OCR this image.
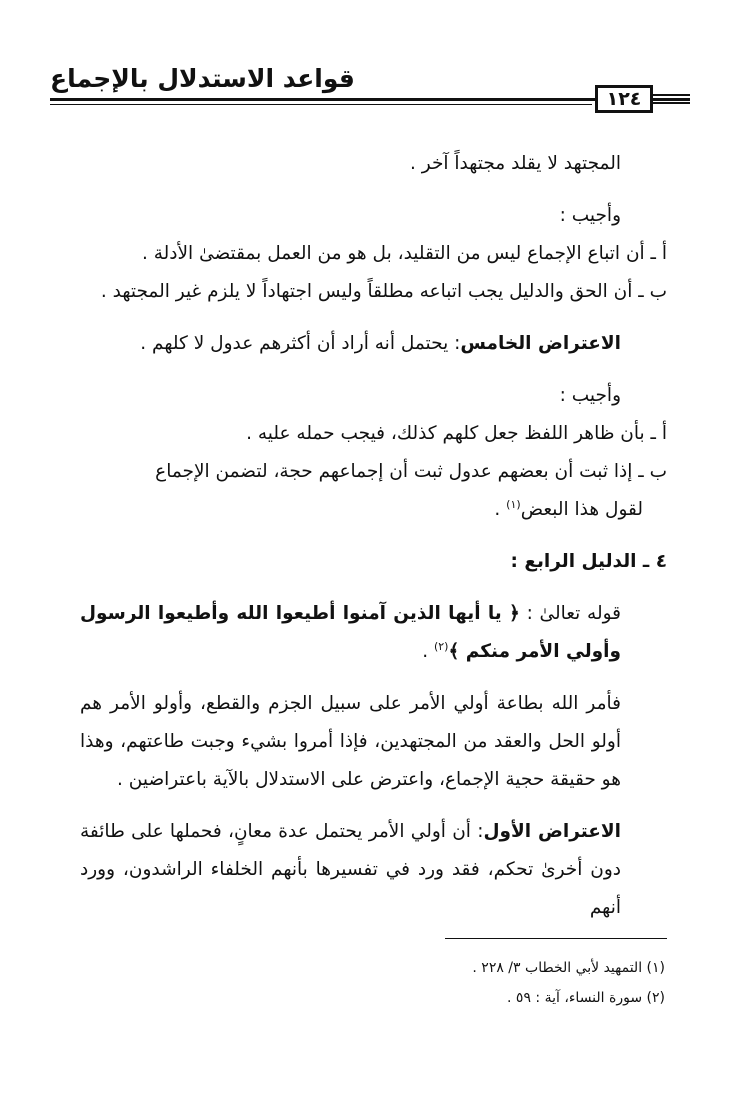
قواعد الاستدلال بالإجماع
١٢٤

المجتهد لا يقلد مجتهداً آخر .

وأجيب :

أ ـ أن اتباع الإجماع ليس من التقليد، بل هو من العمل بمقتضىٰ الأدلة .

ب ـ أن الحق والدليل يجب اتباعه مطلقاً وليس اجتهاداً لا يلزم غير المجتهد .

الاعتراض الخامس: يحتمل أنه أراد أن أكثرهم عدول لا كلهم .

وأجيب :

أ ـ بأن ظاهر اللفظ جعل كلهم كذلك، فيجب حمله عليه .

ب ـ إذا ثبت أن بعضهم عدول ثبت أن إجماعهم حجة، لتضمن الإجماع

لقول هذا البعض$^{(١)}$ .

٤ ـ الدليل الرابع :

قوله تعالىٰ : ﴿ يا أيها الذين آمنوا أطيعوا الله وأطيعوا الرسول وأولي الأمر منكم ﴾$^{(٢)}$ .

فأمر الله بطاعة أولي الأمر على سبيل الجزم والقطع، وأولو الأمر هم أولو الحل والعقد من المجتهدين، فإذا أمروا بشيء وجبت طاعتهم، وهذا هو حقيقة حجية الإجماع، واعترض على الاستدلال بالآية باعتراضين .

الاعتراض الأول: أن أولي الأمر يحتمل عدة معانٍ، فحملها على طائفة دون أخرىٰ تحكم، فقد ورد في تفسيرها بأنهم الخلفاء الراشدون، وورد أنهم

(١) التمهيد لأبي الخطاب ٣/ ٢٢٨ .

(٢) سورة النساء، آية : ٥٩ .
